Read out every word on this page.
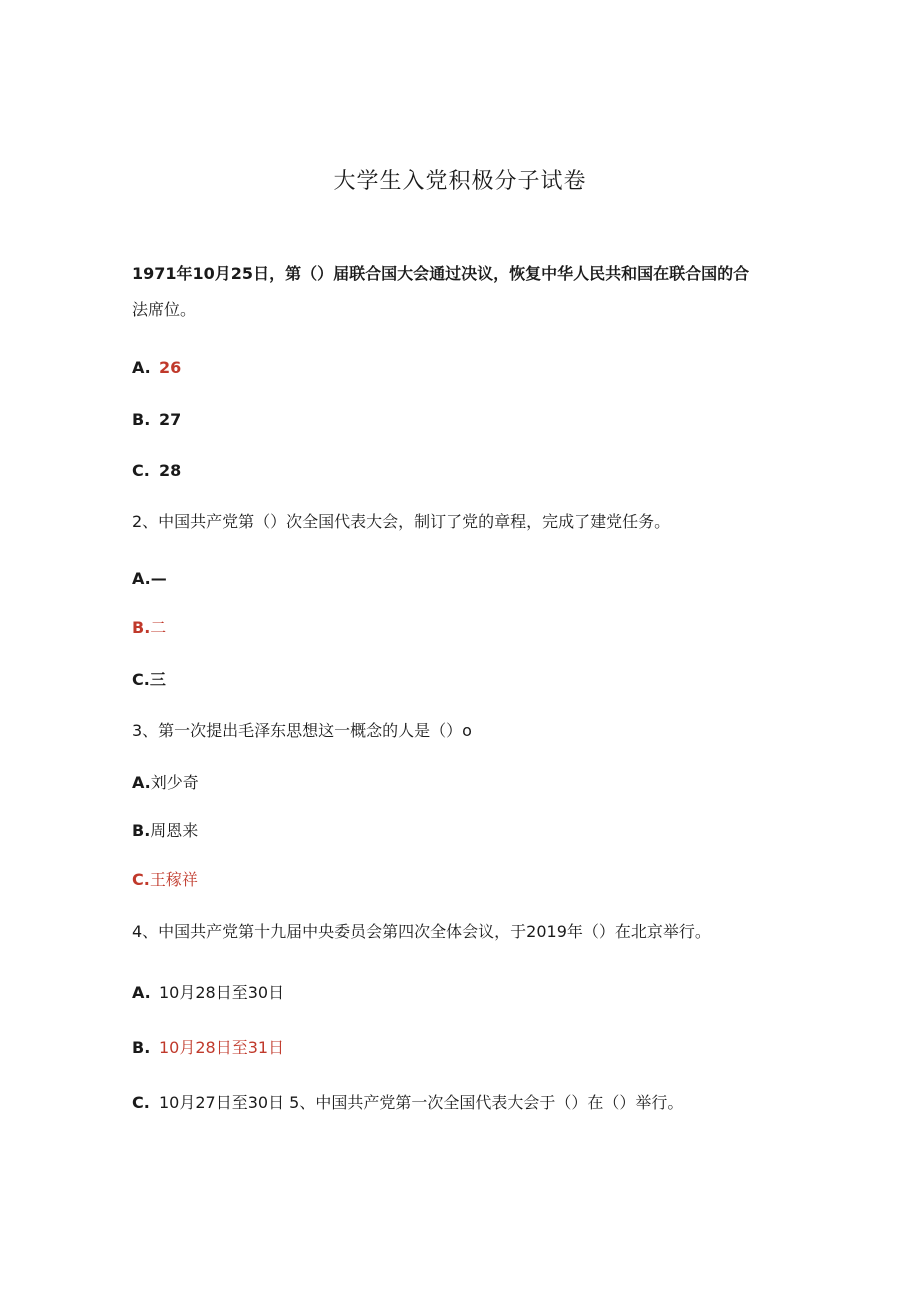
大学生入党积极分子试卷
1971年10月25日，第（）届联合国大会通过决议，恢复中华人民共和国在联合国的合
法席位。
A. 26
B. 27
C. 28
2、中国共产党第（）次全国代表大会，制订了党的章程，完成了建党任务。
A.—
B.二
C.三
3、第一次提出毛泽东思想这一概念的人是（）o
A.刘少奇
B.周恩来
C.王稼祥
4、中国共产党第十九届中央委员会第四次全体会议，于2019年（）在北京举行。
A. 10月28日至30日
B. 10月28日至31日
C. 10月27日至30日 5、中国共产党第一次全国代表大会于（）在（）举行。
